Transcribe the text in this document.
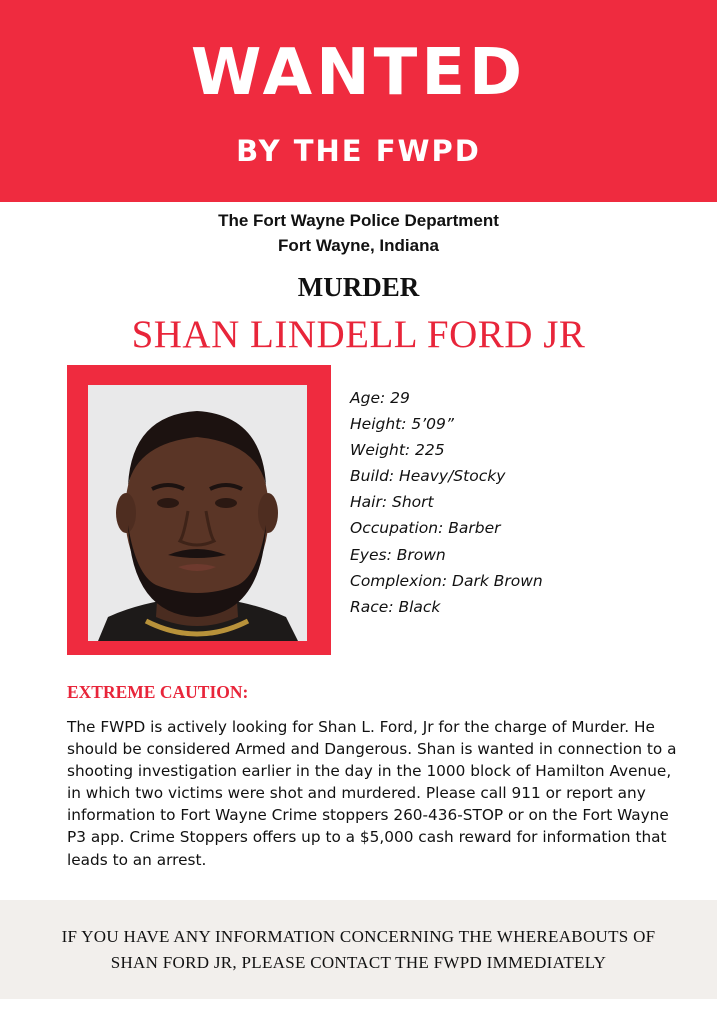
WANTED
BY THE FWPD
The Fort Wayne Police Department
Fort Wayne, Indiana
MURDER
SHAN LINDELL FORD JR
Age: 29
Height: 5’09”
Weight: 225
Build: Heavy/Stocky
Hair: Short
Occupation: Barber
Eyes: Brown
Complexion: Dark Brown
Race: Black
EXTREME CAUTION:
The FWPD is actively looking for Shan L. Ford, Jr for the charge of Murder. He should be considered Armed and Dangerous. Shan is wanted in connection to a shooting investigation earlier in the day in the 1000 block of Hamilton Avenue, in which two victims were shot and murdered. Please call 911 or report any information to Fort Wayne Crime stoppers 260-436-STOP or on the Fort Wayne P3 app. Crime Stoppers offers up to a $5,000 cash reward for information that leads to an arrest.
IF YOU HAVE ANY INFORMATION CONCERNING THE WHEREABOUTS OF
SHAN FORD JR, PLEASE CONTACT THE FWPD IMMEDIATELY
